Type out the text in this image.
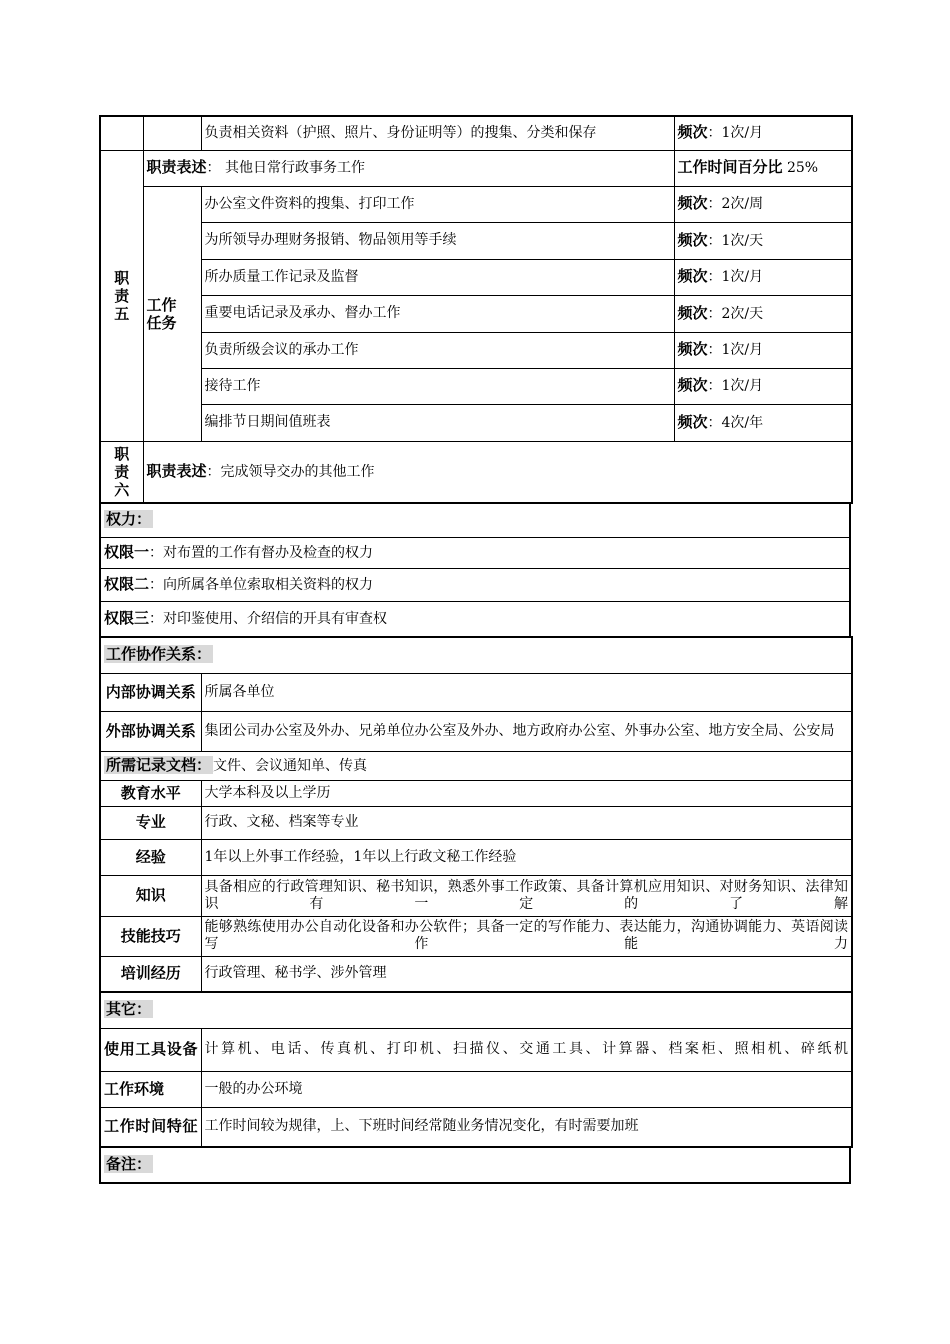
		负责相关资料（护照、照片、身份证明等）的搜集、分类和保存	频次：1次/月

职
责
五	职责表述： 其他日常行政事务工作		工作时间百分比 25%

	工作
任务	办公室文件资料的搜集、打印工作	频次：2次/周
		为所领导办理财务报销、物品领用等手续	频次：1次/天
		所办质量工作记录及监督	频次：1次/月
		重要电话记录及承办、督办工作	频次：2次/天
		负责所级会议的承办工作	频次：1次/月
		接待工作	频次：1次/月
		编排节日期间值班表	频次：4次/年

职
责
六	职责表述：完成领导交办的其他工作		
权力：
权限一：对布置的工作有督办及检查的权力
权限二：向所属各单位索取相关资料的权力
权限三：对印鉴使用、介绍信的开具有审查权
工作协作关系：	
内部协调关系	所属各单位
外部协调关系	集团公司办公室及外办、兄弟单位办公室及外办、地方政府办公室、外事办公室、地方安全局、公安局
所需记录文档： 文件、会议通知单、传真	
教育水平	大学本科及以上学历
专业	行政、文秘、档案等专业
经验	1年以上外事工作经验，1年以上行政文秘工作经验
知识	具备相应的行政管理知识、秘书知识，熟悉外事工作政策、具备计算机应用知识、对财务知识、法律知识有一定的了解
技能技巧	能够熟练使用办公自动化设备和办公软件；具备一定的写作能力、表达能力，沟通协调能力、英语阅读写作能力
培训经历	行政管理、秘书学、涉外管理
其它：	
使用工具设备	计算机、电话、传真机、打印机、扫描仪、交通工具、计算器、档案柜、照相机、碎纸机
工作环境	一般的办公环境
工作时间特征	工作时间较为规律，上、下班时间经常随业务情况变化，有时需要加班
备注：
